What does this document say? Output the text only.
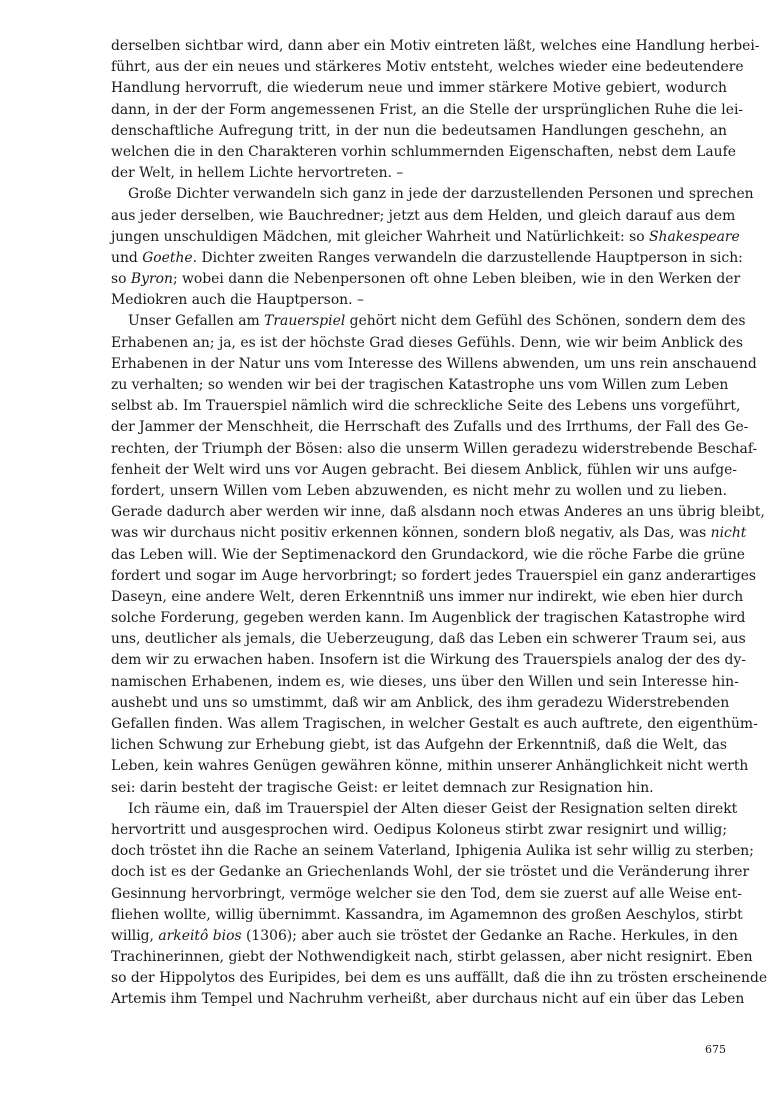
derselben sichtbar wird, dann aber ein Motiv eintreten läßt, welches eine Handlung herbei-
führt, aus der ein neues und stärkeres Motiv entsteht, welches wieder eine bedeutendere
Handlung hervorruft, die wiederum neue und immer stärkere Motive gebiert, wodurch
dann, in der der Form angemessenen Frist, an die Stelle der ursprünglichen Ruhe die lei-
denschaftliche Aufregung tritt, in der nun die bedeutsamen Handlungen geschehn, an
welchen die in den Charakteren vorhin schlummernden Eigenschaften, nebst dem Laufe
der Welt, in hellem Lichte hervortreten. –
Große Dichter verwandeln sich ganz in jede der darzustellenden Personen und sprechen
aus jeder derselben, wie Bauchredner; jetzt aus dem Helden, und gleich darauf aus dem
jungen unschuldigen Mädchen, mit gleicher Wahrheit und Natürlichkeit: so Shakespeare
und Goethe. Dichter zweiten Ranges verwandeln die darzustellende Hauptperson in sich:
so Byron; wobei dann die Nebenpersonen oft ohne Leben bleiben, wie in den Werken der
Mediokren auch die Hauptperson. –
Unser Gefallen am Trauerspiel gehört nicht dem Gefühl des Schönen, sondern dem des
Erhabenen an; ja, es ist der höchste Grad dieses Gefühls. Denn, wie wir beim Anblick des
Erhabenen in der Natur uns vom Interesse des Willens abwenden, um uns rein anschauend
zu verhalten; so wenden wir bei der tragischen Katastrophe uns vom Willen zum Leben
selbst ab. Im Trauerspiel nämlich wird die schreckliche Seite des Lebens uns vorgeführt,
der Jammer der Menschheit, die Herrschaft des Zufalls und des Irrthums, der Fall des Ge-
rechten, der Triumph der Bösen: also die unserm Willen geradezu widerstrebende Beschaf-
fenheit der Welt wird uns vor Augen gebracht. Bei diesem Anblick, fühlen wir uns aufge-
fordert, unsern Willen vom Leben abzuwenden, es nicht mehr zu wollen und zu lieben.
Gerade dadurch aber werden wir inne, daß alsdann noch etwas Anderes an uns übrig bleibt,
was wir durchaus nicht positiv erkennen können, sondern bloß negativ, als Das, was nicht
das Leben will. Wie der Septimenackord den Grundackord, wie die röche Farbe die grüne
fordert und sogar im Auge hervorbringt; so fordert jedes Trauerspiel ein ganz anderartiges
Daseyn, eine andere Welt, deren Erkenntniß uns immer nur indirekt, wie eben hier durch
solche Forderung, gegeben werden kann. Im Augenblick der tragischen Katastrophe wird
uns, deutlicher als jemals, die Ueberzeugung, daß das Leben ein schwerer Traum sei, aus
dem wir zu erwachen haben. Insofern ist die Wirkung des Trauerspiels analog der des dy-
namischen Erhabenen, indem es, wie dieses, uns über den Willen und sein Interesse hin-
aushebt und uns so umstimmt, daß wir am Anblick, des ihm geradezu Widerstrebenden
Gefallen finden. Was allem Tragischen, in welcher Gestalt es auch auftrete, den eigenthüm-
lichen Schwung zur Erhebung giebt, ist das Aufgehn der Erkenntniß, daß die Welt, das
Leben, kein wahres Genügen gewähren könne, mithin unserer Anhänglichkeit nicht werth
sei: darin besteht der tragische Geist: er leitet demnach zur Resignation hin.
Ich räume ein, daß im Trauerspiel der Alten dieser Geist der Resignation selten direkt
hervortritt und ausgesprochen wird. Oedipus Koloneus stirbt zwar resignirt und willig;
doch tröstet ihn die Rache an seinem Vaterland, Iphigenia Aulika ist sehr willig zu sterben;
doch ist es der Gedanke an Griechenlands Wohl, der sie tröstet und die Veränderung ihrer
Gesinnung hervorbringt, vermöge welcher sie den Tod, dem sie zuerst auf alle Weise ent-
fliehen wollte, willig übernimmt. Kassandra, im Agamemnon des großen Aeschylos, stirbt
willig, arkeitô bios (1306); aber auch sie tröstet der Gedanke an Rache. Herkules, in den
Trachinerinnen, giebt der Nothwendigkeit nach, stirbt gelassen, aber nicht resignirt. Eben
so der Hippolytos des Euripides, bei dem es uns auffällt, daß die ihn zu trösten erscheinende
Artemis ihm Tempel und Nachruhm verheißt, aber durchaus nicht auf ein über das Leben
675
